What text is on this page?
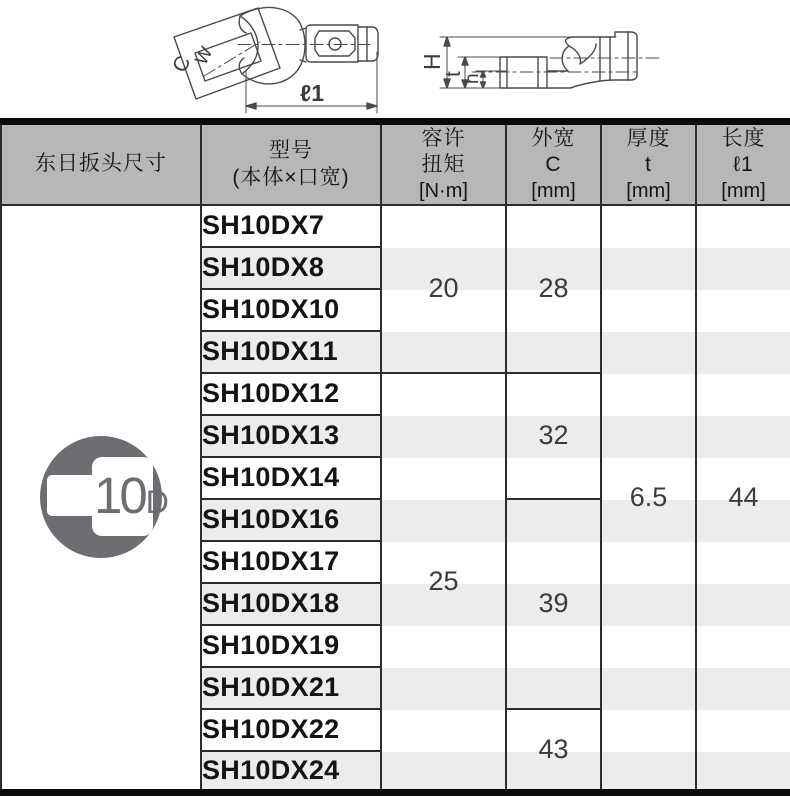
C
W
ℓ1
H
t
h
东日扳头尺寸

型号
(本体×口宽)

容许
扭矩
[N·m]

外宽
C
[mm]

厚度
t
[mm]

长度
ℓ1
[mm]

10D	SH10DX7	20	28	6.5	44
	SH10DX8				
	SH10DX10				
	SH10DX11				
	SH10DX12	25	32		
	SH10DX13				
	SH10DX14				
	SH10DX16		39		
	SH10DX17				
	SH10DX18				
	SH10DX19				
	SH10DX21				
	SH10DX22		43		
	SH10DX24				
